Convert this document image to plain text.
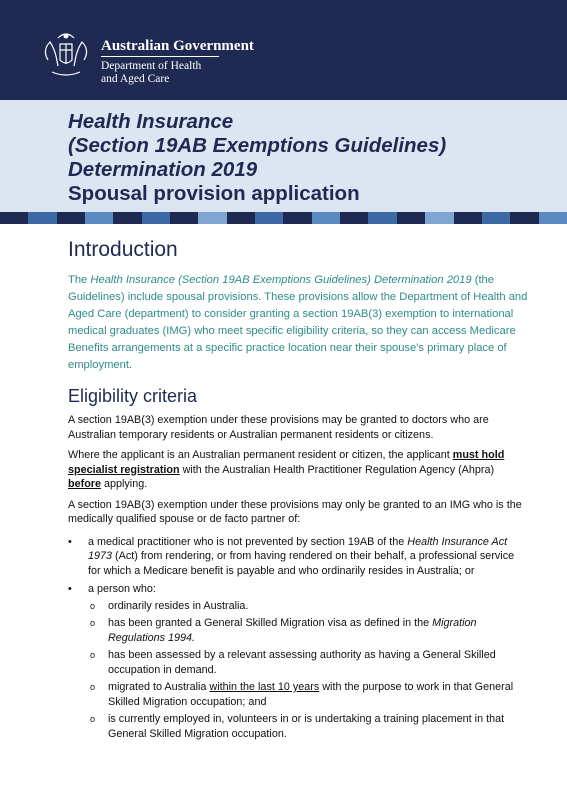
Australian Government
Department of Health
and Aged Care
Health Insurance
(Section 19AB Exemptions Guidelines)
Determination 2019
Spousal provision application
Introduction

The Health Insurance (Section 19AB Exemptions Guidelines) Determination 2019 (the Guidelines) include spousal provisions. These provisions allow the Department of Health and Aged Care (department) to consider granting a section 19AB(3) exemption to international medical graduates (IMG) who meet specific eligibility criteria, so they can access Medicare Benefits arrangements at a specific practice location near their spouse's primary place of employment.

Eligibility criteria

A section 19AB(3) exemption under these provisions may be granted to doctors who are Australian temporary residents or Australian permanent residents or citizens.

Where the applicant is an Australian permanent resident or citizen, the applicant must hold specialist registration with the Australian Health Practitioner Regulation Agency (Ahpra) before applying.

A section 19AB(3) exemption under these provisions may only be granted to an IMG who is the medically qualified spouse or de facto partner of:

• a medical practitioner who is not prevented by section 19AB of the Health Insurance Act 1973 (Act) from rendering, or from having rendered on their behalf, a professional service for which a Medicare benefit is payable and who ordinarily resides in Australia; or
• a person who:
o ordinarily resides in Australia.
o has been granted a General Skilled Migration visa as defined in the Migration Regulations 1994.
o has been assessed by a relevant assessing authority as having a General Skilled occupation in demand.
o migrated to Australia within the last 10 years with the purpose to work in that General Skilled Migration occupation; and
o is currently employed in, volunteers in or is undertaking a training placement in that General Skilled Migration occupation.
